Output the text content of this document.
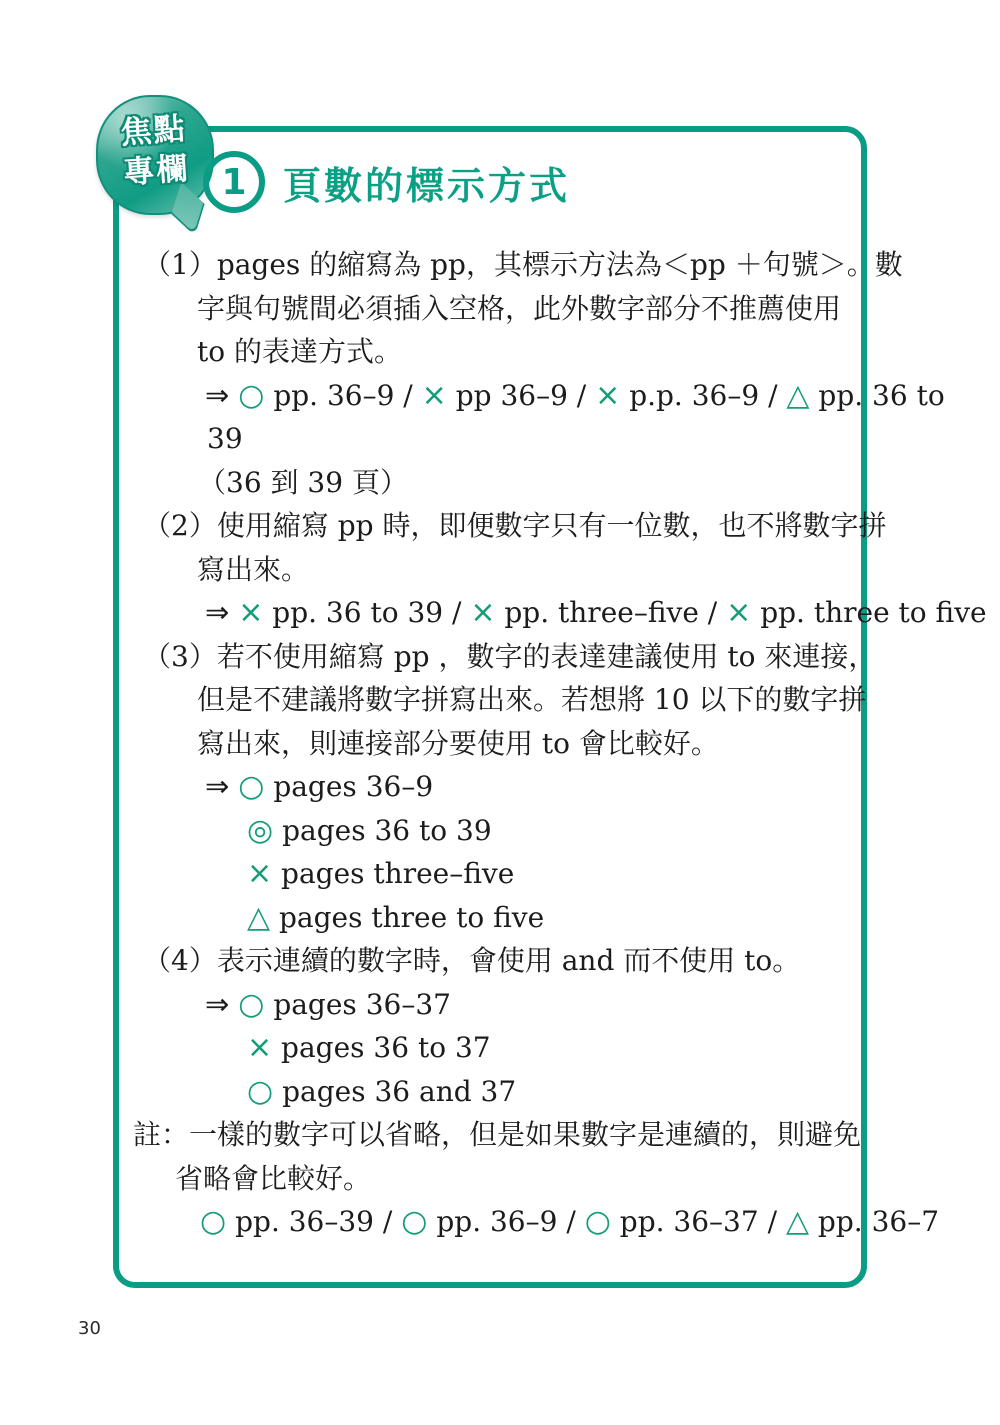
焦點
專欄 1 頁數的標示方式
（1）pages 的縮寫為 pp，其標示方法為＜pp ＋句號＞。數
字與句號間必須插入空格，此外數字部分不推薦使用
to 的表達方式。
⇒ ○ pp. 36–9 / × pp 36–9 / × p.p. 36–9 / △ pp. 36 to
39
（36 到 39 頁）
（2）使用縮寫 pp 時，即便數字只有一位數，也不將數字拼
寫出來。
⇒ × pp. 36 to 39 / × pp. three–five / × pp. three to five
（3）若不使用縮寫 pp ，數字的表達建議使用 to 來連接，
但是不建議將數字拼寫出來。若想將 10 以下的數字拼
寫出來，則連接部分要使用 to 會比較好。
⇒ ○ pages 36–9
◎ pages 36 to 39
× pages three–five
△ pages three to five
（4）表示連續的數字時，會使用 and 而不使用 to。
⇒ ○ pages 36–37
× pages 36 to 37
○ pages 36 and 37
註：一樣的數字可以省略，但是如果數字是連續的，則避免
省略會比較好。
○ pp. 36–39 / ○ pp. 36–9 / ○ pp. 36–37 / △ pp. 36–7
30
